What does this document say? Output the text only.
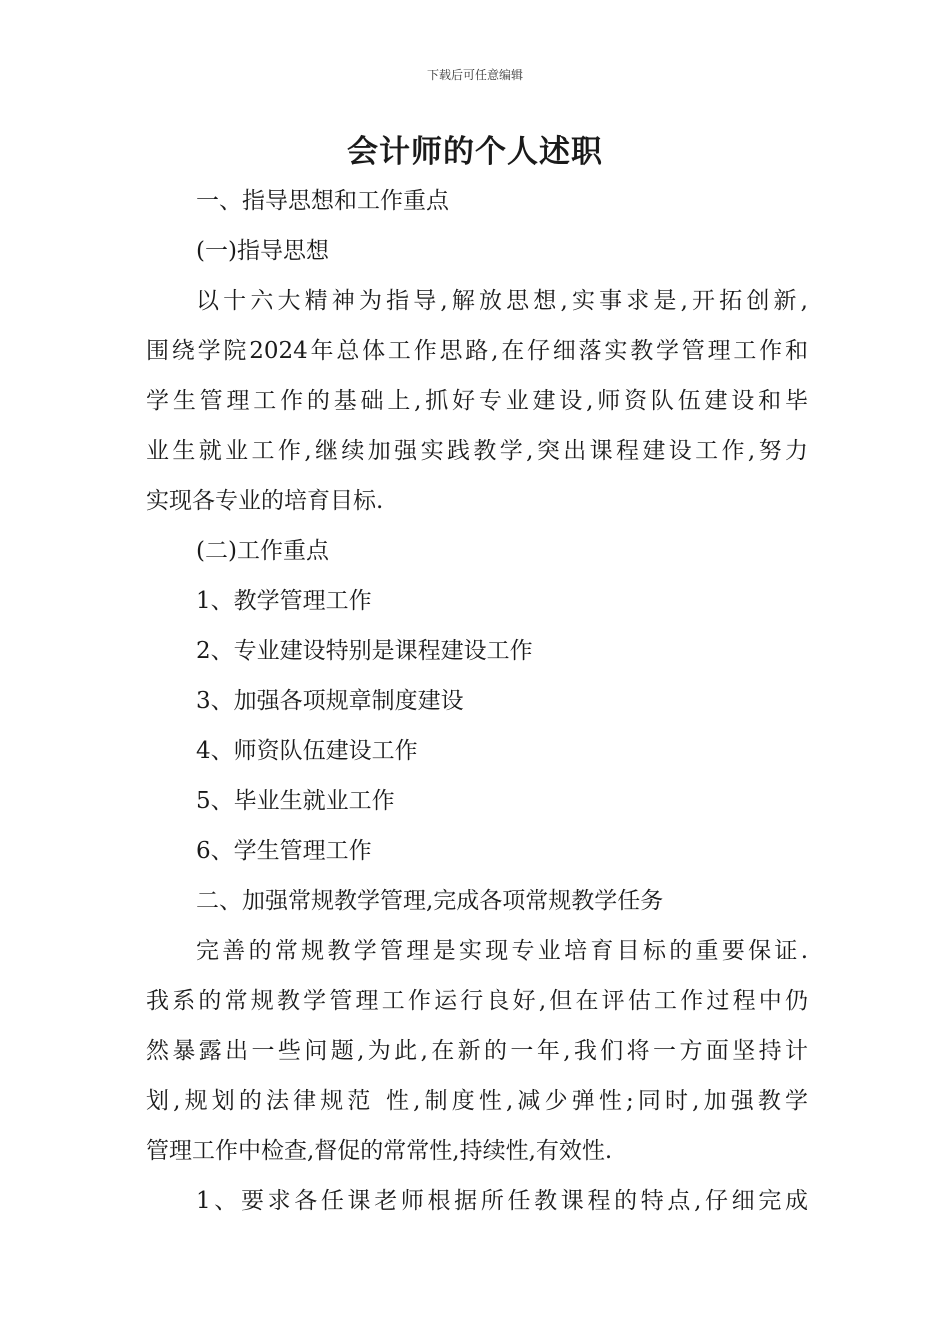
下载后可任意编辑
会计师的个人述职
一、指导思想和工作重点
(一)指导思想
以十六大精神为指导,解放思想,实事求是,开拓创新,
围绕学院2024年总体工作思路,在仔细落实教学管理工作和
学生管理工作的基础上,抓好专业建设,师资队伍建设和毕
业生就业工作,继续加强实践教学,突出课程建设工作,努力
实现各专业的培育目标.
(二)工作重点
1、教学管理工作
2、专业建设特别是课程建设工作
3、加强各项规章制度建设
4、师资队伍建设工作
5、毕业生就业工作
6、学生管理工作
二、加强常规教学管理,完成各项常规教学任务
完善的常规教学管理是实现专业培育目标的重要保证.
我系的常规教学管理工作运行良好,但在评估工作过程中仍
然暴露出一些问题,为此,在新的一年,我们将一方面坚持计
划,规划的法律规范 性,制度性,减少弹性;同时,加强教学
管理工作中检查,督促的常常性,持续性,有效性.
1、要求各任课老师根据所任教课程的特点,仔细完成
